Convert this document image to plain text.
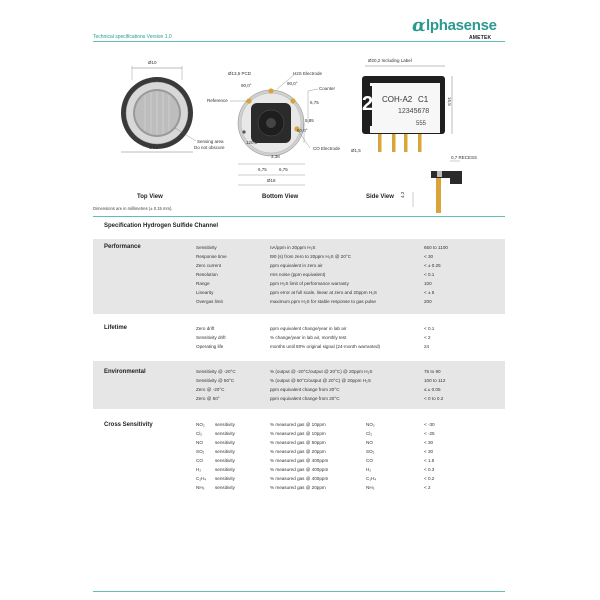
Technical specifications Version 1.0
α lphasense
AMETEK
Ø10
Ø16
Sensing area
Do not obscure
Top View
Ø13,5 PCD	H2S Electrode
Reference
Counter
CO Electrode
90,0°	90,0°
120,0°
6,75
5,85
60,0°
3,38
6,75	6,75
Ø18
Bottom View
Ø20,2 Including Label
2 COH-A2 C1
12345678
555
16,5
Ø1,5
0,7 RECESS
4,3
Side View
Dimensions are in millimetres (± 0.15 mm).
Specification Hydrogen Sulfide Channel
Performance	Sensitivity	nA/ppm in 20ppm H₂S	650 to 1100
Response time	t90 (s) from zero to 20ppm H₂S @ 20°C	< 30
Zero current	ppm equivalent in zero air	< ± 0.25
Resolution	rms noise (ppm equivalent)	< 0.1
Range	ppm H₂S limit of performance warranty	100
Linearity	ppm error at full scale, linear at zero and 20ppm H₂S	< ± 5
Overgas limit	maximum ppm H₂S for stable response to gas pulse	200
Lifetime	Zero drift	ppm equivalent change/year in lab air	< 0.1
Sensitivity drift	% change/year in lab air, monthly test	< 2
Operating life	months until 80% original signal (24-month warranted)	24
Environmental	Sensitivity @ -20°C	% (output @ -20°C/output @ 20°C) @ 20ppm H₂S	75 to 90
Sensitivity @ 50°C	% (output @ 50°C/output @ 20°C) @ 20ppm H₂S	100 to 112
Zero @ -20°C	ppm equivalent change from 20°C	≤ ± 0.05
Zero @ 50°	ppm equivalent change from 20°C	< 0 to 0.2
Cross Sensitivity	NO₂ sensitivity	% measured gas @ 10ppm	NO₂	< -30
Cl₂	sensitivity	% measured gas @ 10ppm	Cl₂	< -25
NO	sensitivity	% measured gas @ 50ppm	NO	< 30
SO₂ sensitivity	% measured gas @ 20ppm	SO₂	< 30
CO	sensitivity	% measured gas @ 400ppm	CO	< 1.5
H₂	sensitivity	% measured gas @ 400ppm	H₂	< 0.3
C₂H₄ sensitivity	% measured gas @ 400ppm	C₂H₄	< 0.2
NH₃ sensitivity	% measured gas @ 20ppm	NH₃	< 2
